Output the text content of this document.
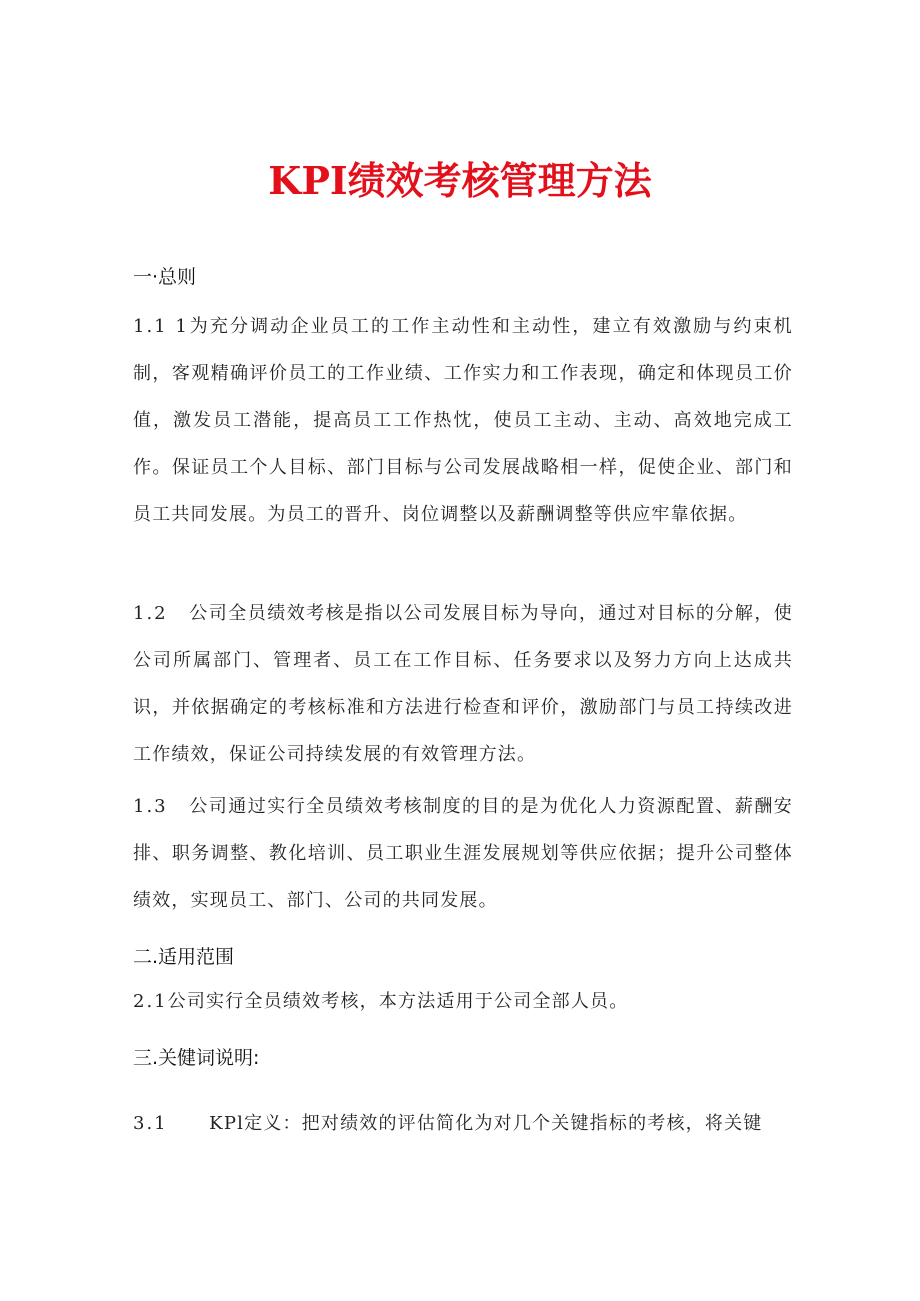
KPI绩效考核管理方法
一·总则
1.1 1为充分调动企业员工的工作主动性和主动性，建立有效激励与约束机制，客观精确评价员工的工作业绩、工作实力和工作表现，确定和体现员工价值，激发员工潜能，提高员工工作热忱，使员工主动、主动、高效地完成工作。保证员工个人目标、部门目标与公司发展战略相一样，促使企业、部门和员工共同发展。为员工的晋升、岗位调整以及薪酬调整等供应牢靠依据。
1.2 公司全员绩效考核是指以公司发展目标为导向，通过对目标的分解，使公司所属部门、管理者、员工在工作目标、任务要求以及努力方向上达成共识，并依据确定的考核标准和方法进行检查和评价，激励部门与员工持续改进工作绩效，保证公司持续发展的有效管理方法。
1.3 公司通过实行全员绩效考核制度的目的是为优化人力资源配置、薪酬安排、职务调整、教化培训、员工职业生涯发展规划等供应依据；提升公司整体绩效，实现员工、部门、公司的共同发展。
二.适用范围
2.1公司实行全员绩效考核，本方法适用于公司全部人员。
三.关健词说明:
3.1 KPl定义：把对绩效的评估简化为对几个关键指标的考核，将关键
